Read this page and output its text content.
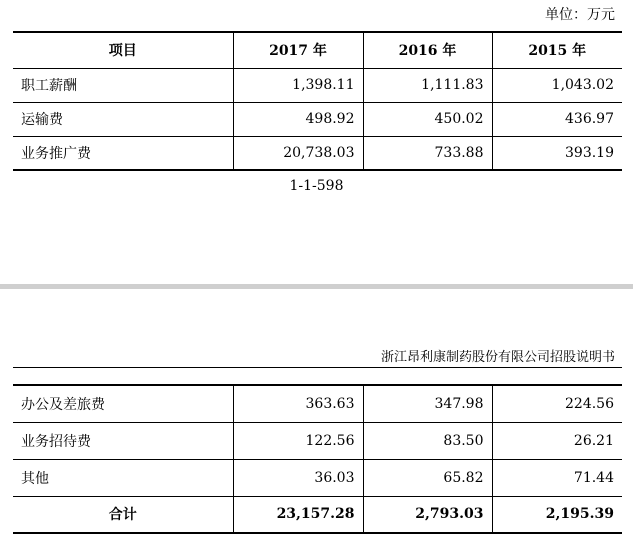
单位：万元
项目	2017 年	2016 年	2015 年
职工薪酬	1,398.11	1,111.83	1,043.02
运输费	498.92	450.02	436.97
业务推广费	20,738.03	733.88	393.19
1-1-598
浙江昂利康制药股份有限公司招股说明书
办公及差旅费	363.63	347.98	224.56
业务招待费	122.56	83.50	26.21
其他	36.03	65.82	71.44
合计	23,157.28	2,793.03	2,195.39
